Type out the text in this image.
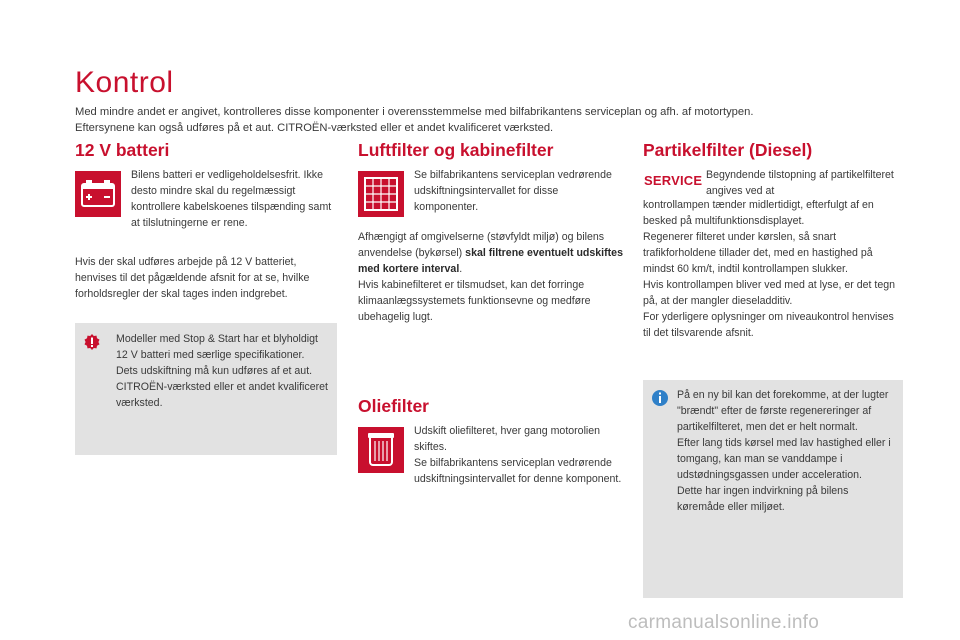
Kontrol

Med mindre andet er angivet, kontrolleres disse komponenter i overensstemmelse med bilfabrikantens serviceplan og afh. af motortypen.

Eftersynene kan også udføres på et aut. CITROËN-værksted eller et andet kvalificeret værksted.

12 V batteri

Bilens batteri er vedligeholdelsesfrit. Ikke desto mindre skal du regelmæssigt kontrollere kabelskoenes tilspænding samt at tilslutningerne er rene.

Hvis der skal udføres arbejde på 12 V batteriet, henvises til det pågældende afsnit for at se, hvilke forholdsregler der skal tages inden indgrebet.

Modeller med Stop & Start har et blyholdigt 12 V batteri med særlige specifikationer.

Dets udskiftning må kun udføres af et aut. CITROËN-værksted eller et andet kvalificeret værksted.

Luftfilter og kabinefilter

Se bilfabrikantens serviceplan vedrørende udskiftningsintervallet for disse komponenter.

Afhængigt af omgivelserne (støvfyldt miljø) og bilens anvendelse (bykørsel) skal filtrene eventuelt udskiftes med kortere interval.

Hvis kabinefilteret er tilsmudset, kan det forringe klimaanlægssystemets funktionsevne og medføre ubehagelig lugt.

Oliefilter

Udskift oliefilteret, hver gang motorolien skiftes.

Se bilfabrikantens serviceplan vedrørende udskiftningsintervallet for denne komponent.

Partikelfilter (Diesel)
SERVICE Begyndende tilstopning af partikelfilteret angives ved at

kontrollampen tænder midlertidigt, efterfulgt af en besked på multifunktionsdisplayet.

Regenerer filteret under kørslen, så snart trafikforholdene tillader det, med en hastighed på mindst 60 km/t, indtil kontrollampen slukker.

Hvis kontrollampen bliver ved med at lyse, er det tegn på, at der mangler dieseladditiv.

For yderligere oplysninger om niveaukontrol henvises til det tilsvarende afsnit.

På en ny bil kan det forekomme, at der lugter "brændt" efter de første regenereringer af partikelfilteret, men det er helt normalt.

Efter lang tids kørsel med lav hastighed eller i tomgang, kan man se vanddampe i udstødningsgassen under acceleration.

Dette har ingen indvirkning på bilens køremåde eller miljøet.

carmanualsonline.info
